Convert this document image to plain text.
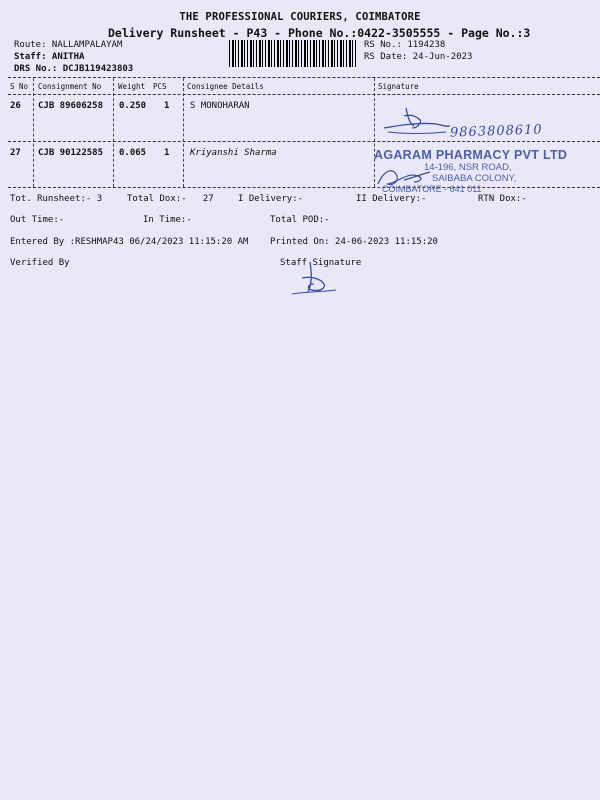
THE PROFESSIONAL COURIERS, COIMBATORE
Delivery Runsheet - P43 - Phone No.:0422-3505555 - Page No.:3
Route: NALLAMPALAYAM
Staff: ANITHA
DRS No.: DCJB119423803
RS No.: 1194238
RS Date: 24-Jun-2023
S No Consignment No Weight PCS	Consignee Details	Signature
26 CJB 89606258 0.250 1 S MONOHARAN
9863808610
27 CJB 90122585 0.065 1 Kriyanshi Sharma	AGARAM PHARMACY PVT LTD
14-196, NSR ROAD,
SAIBABA COLONY,
COIMBATORE - 641 011
Tot. Runsheet:- 3	Total Dox:-   27	I Delivery:-	II Delivery:-	RTN Dox:-
Out Time:-	In Time:-	Total POD:-
Entered By :RESHMAP43 06/24/2023 11:15:20 AM Printed On: 24-06-2023 11:15:20
Verified By	Staff Signature
